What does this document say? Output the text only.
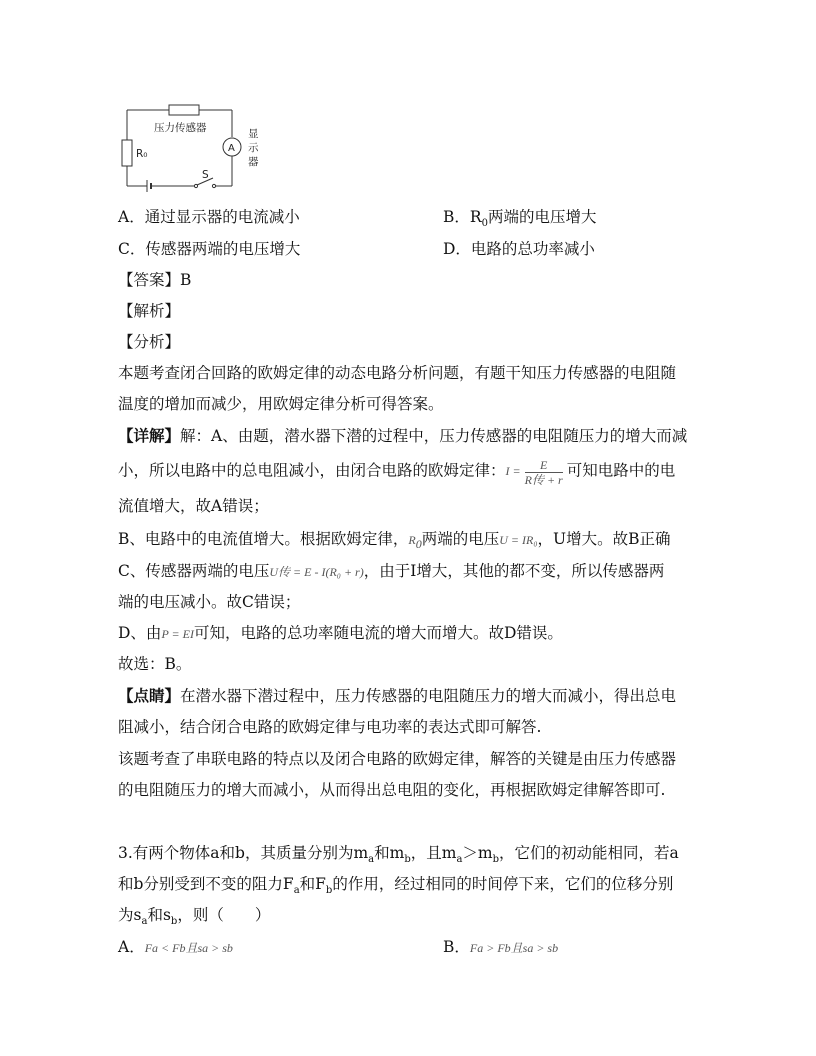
压力传感器
R₀	A
显
示
器
S
A．通过显示器的电流减小	B．$R_0$两端的电压增大
C．传感器两端的电压增大	D．电路的总功率减小
【答案】B
【解析】
【分析】
本题考查闭合回路的欧姆定律的动态电路分析问题，有题干知压力传感器的电阻随
温度的增加而减少，用欧姆定律分析可得答案。
【详解】解：A、由题，潜水器下潜的过程中，压力传感器的电阻随压力的增大而减
小，所以电路中的总电阻减小，由闭合电路的欧姆定律：$I = \frac{E}{\text{R传 + r}}$ 可知电路中的电
流值增大，故A错误；
B、电路中的电流值增大。根据欧姆定律，$R_0$两端的电压U = IR₀，U增大。故B正确
C、传感器两端的电压U传 = E - I(R₀ + r)，由于I增大，其他的都不变，所以传感器两
端的电压减小。故C错误；
D、由P = EI可知，电路的总功率随电流的增大而增大。故D错误。
故选：B。
【点睛】在潜水器下潜过程中，压力传感器的电阻随压力的增大而减小，得出总电
阻减小，结合闭合电路的欧姆定律与电功率的表达式即可解答.
该题考查了串联电路的特点以及闭合电路的欧姆定律，解答的关键是由压力传感器
的电阻随压力的增大而减小，从而得出总电阻的变化，再根据欧姆定律解答即可.
3.有两个物体a和b，其质量分别为$m_a$和$m_b$，且$m_a>m_b$，它们的初动能相同，若a
和b分别受到不变的阻力$F_a$和$F_b$的作用，经过相同的时间停下来，它们的位移分别
为$s_a$和$s_b$，则（　　）
A．Fa < Fb且sa > sb	B．Fa > Fb且sa > sb
